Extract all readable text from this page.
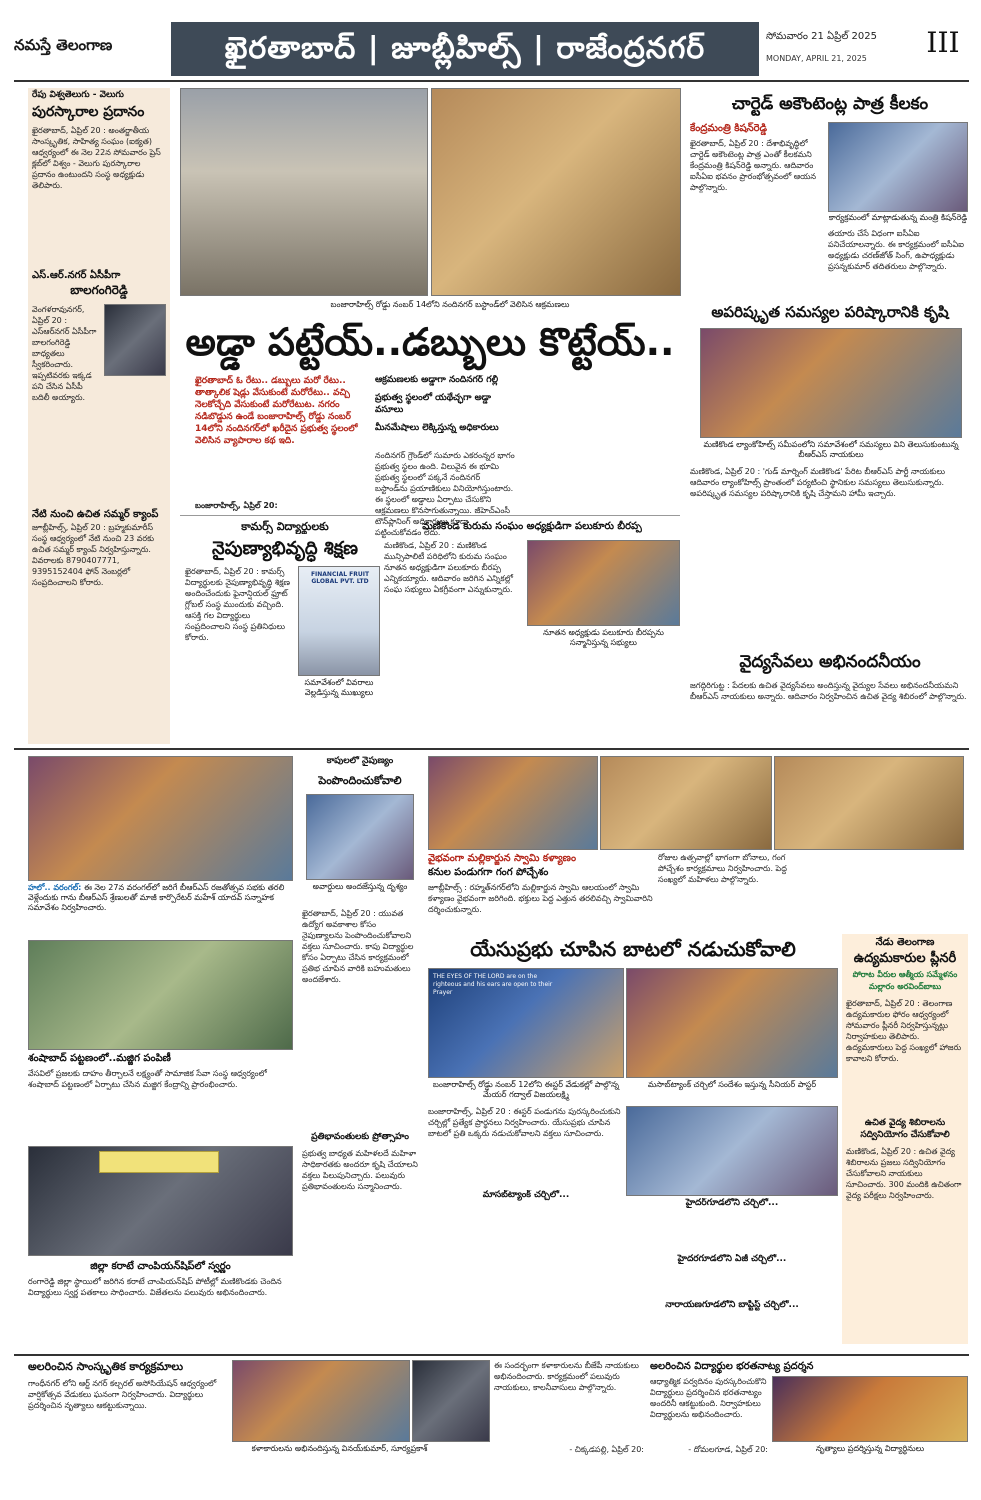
నమస్తే తెలంగాణ	ఖైరతాబాద్ | జూబ్లీహిల్స్ | రాజేంద్రనగర్	సోమవారం 21 ఏప్రిల్ 2025
MONDAY, APRIL 21, 2025	III
రేపు విశ్వతెలుగు - వెలుగు
పురస్కారాల ప్రదానం
ఖైరతాబాద్, ఏప్రిల్ 20 : అంతర్జాతీయ సాంస్కృతిక, సాహిత్య సంఘం (ఐక్యత) ఆధ్వర్యంలో ఈ నెల 22న సోమవారం ప్రెస్ క్లబ్‌లో విశ్వం - వెలుగు పురస్కారాల ప్రదానం ఉంటుందని సంస్థ అధ్యక్షుడు తెలిపారు.
ఎస్.ఆర్.నగర్ ఏసీపీగా
బాలగంగిరెడ్డి
వెంగళరావునగర్, ఏప్రిల్ 20 : ఎస్ఆర్‌నగర్ ఏసీపీగా బాలగంగిరెడ్డి బాధ్యతలు స్వీకరించారు. ఇప్పటివరకు ఇక్కడ పని చేసిన ఏసీపీ బదిలీ అయ్యారు.
నేటి నుంచి ఉచిత సమ్మర్ క్యాంప్
జూబ్లీహిల్స్, ఏప్రిల్ 20 : బ్రహ్మకుమారీస్ సంస్థ ఆధ్వర్యంలో నేటి నుంచి 23 వరకు ఉచిత సమ్మర్ క్యాంప్ నిర్వహిస్తున్నారు. వివరాలకు 8790407771, 9395152404 ఫోన్ నెంబర్లలో సంప్రదించాలని కోరారు.
బంజారాహిల్స్ రోడ్డు నంబర్ 14లోని నందినగర్ బస్టాండ్‌లో వెలిసిన ఆక్రమణలు
అడ్డా పట్టేయ్..డబ్బులు కొట్టేయ్..
ఖైరతాబాద్ ఓ రేటు.. డబ్బులు మరో రేటు.. తాత్కాలిక షెడ్లు వేసుకుంటే మరోరేటు.. వచ్చి నెలకోచ్చేది వేసుకుంటే మరోరేటుట. నగరం నడిబొడ్డున ఉండే బంజారాహిల్స్ రోడ్డు నంబర్ 14లోని నందినగర్‌లో ఖరీదైన ప్రభుత్వ స్థలంలో వెలిసిన వ్యాపారాల కథ ఇది.
ఆక్రమణలకు అడ్డాగా నందినగర్ గల్లీ
ప్రభుత్వ స్థలంలో యథేచ్ఛగా అడ్డా వసూలు
మీనమేషాలు లెక్కిస్తున్న అధికారులు
నందినగర్ గ్రౌండ్‌లో సుమారు ఎకరంన్నర భాగం ప్రభుత్వ స్థలం ఉంది. విలువైన ఈ భూమి ప్రభుత్వ స్థలంలో పక్కనే నందినగర్ బస్టాండ్‌ను ప్రయాణికులు వినియోగిస్తుంటారు. ఈ స్థలంలో అడ్డాలు ఏర్పాటు చేసుకొని ఆక్రమణలు కొనసాగుతున్నాయి. జీహెచ్ఎంసీ టౌన్‌ప్లానింగ్ అధికారులు కూడా పట్టించుకోవడం లేదు.
బంజారాహిల్స్, ఏప్రిల్ 20:
చార్టెడ్ అకౌంటెంట్ల పాత్ర కీలకం
కేంద్రమంత్రి కిషన్‌రెడ్డి
ఖైరతాబాద్, ఏప్రిల్ 20 : దేశాభివృద్ధిలో చార్టెడ్ అకౌంటెంట్ల పాత్ర ఎంతో కీలకమని కేంద్రమంత్రి కిషన్‌రెడ్డి అన్నారు. ఆదివారం ఐసీఏఐ భవనం ప్రారంభోత్సవంలో ఆయన పాల్గొన్నారు.
కార్యక్రమంలో మాట్లాడుతున్న మంత్రి కిషన్‌రెడ్డి
తయారు చేసే విధంగా ఐసీఏఐ పనిచేయాలన్నారు. ఈ కార్యక్రమంలో ఐసీఏఐ అధ్యక్షుడు చరణ్‌జోత్ సింగ్, ఉపాధ్యక్షుడు ప్రసన్నకుమార్ తదితరులు పాల్గొన్నారు.
అపరిష్కృత సమస్యల పరిష్కారానికి కృషి
మణికొండ ల్యాంకోహిల్స్ సమీపంలోని సమావేశంలో సమస్యలు విని తెలుసుకుంటున్న బీఆర్ఎస్ నాయకులు
మణికొండ, ఏప్రిల్ 20 : 'గుడ్ మార్నింగ్ మణికొండ' పేరిట బీఆర్ఎస్ పార్టీ నాయకులు ఆదివారం ల్యాంకోహిల్స్ ప్రాంతంలో పర్యటించి స్థానికుల సమస్యలు తెలుసుకున్నారు. అపరిష్కృత సమస్యల పరిష్కారానికి కృషి చేస్తామని హామీ ఇచ్చారు.
వైద్యసేవలు అభినందనీయం
జగద్గిరిగుట్ట : పేదలకు ఉచిత వైద్యసేవలు అందిస్తున్న వైద్యుల సేవలు అభినందనీయమని బీఆర్ఎస్ నాయకులు అన్నారు. ఆదివారం నిర్వహించిన ఉచిత వైద్య శిబిరంలో పాల్గొన్నారు.
కామర్స్ విద్యార్థులకు
నైపుణ్యాభివృద్ధి శిక్షణ
ఖైరతాబాద్, ఏప్రిల్ 20 : కామర్స్ విద్యార్థులకు నైపుణ్యాభివృద్ధి శిక్షణ అందించేందుకు ఫైనాన్షియల్ ఫ్రూట్ గ్లోబల్ సంస్థ ముందుకు వచ్చింది. ఆసక్తి గల విద్యార్థులు సంప్రదించాలని సంస్థ ప్రతినిధులు కోరారు.
FINANCIAL FRUIT GLOBAL PVT. LTD
సమావేశంలో వివరాలు వెల్లడిస్తున్న ముఖ్యులు
మణికొండ కురుమ సంఘం అధ్యక్షుడిగా పలుకూరు బీరప్ప
మణికొండ, ఏప్రిల్ 20 : మణికొండ మున్సిపాలిటీ పరిధిలోని కురుమ సంఘం నూతన అధ్యక్షుడిగా పలుకూరు బీరప్ప ఎన్నికయ్యారు. ఆదివారం జరిగిన ఎన్నికల్లో సంఘ సభ్యులు ఏకగ్రీవంగా ఎన్నుకున్నారు.
నూతన అధ్యక్షుడు పలుకూరు బీరప్పను సన్మానిస్తున్న సభ్యులు
హలో.. వరంగల్: ఈ నెల 27న వరంగల్‌లో జరిగే బీఆర్ఎస్ రజతోత్సవ సభకు తరలి వెళ్లేందుకు గాను బీఆర్ఎస్ శ్రేణులతో మాజీ కార్పొరేటర్ మహేశ్ యాదవ్ సన్నాహక సమావేశం నిర్వహించారు.
శంషాబాద్ పట్టణంలో..మజ్జిగ పంపిణీ
వేసవిలో ప్రజలకు దాహం తీర్చాలనే లక్ష్యంతో సామాజిక సేవా సంస్థ ఆధ్వర్యంలో శంషాబాద్ పట్టణంలో ఏర్పాటు చేసిన మజ్జిగ కేంద్రాన్ని ప్రారంభించారు.
జిల్లా కరాటే చాంపియన్‌షిప్‌లో స్వర్ణం
రంగారెడ్డి జిల్లా స్థాయిలో జరిగిన కరాటే చాంపియన్‌షిప్ పోటీల్లో మణికొండకు చెందిన విద్యార్థులు స్వర్ణ పతకాలు సాధించారు. విజేతలను పలువురు అభినందించారు.
కాపులలో నైపుణ్యం
పెంపొందించుకోవాలి
అవార్డులు అందజేస్తున్న దృశ్యం
ఖైరతాబాద్, ఏప్రిల్ 20 : యువత ఉద్యోగ అవకాశాల కోసం నైపుణ్యాలను పెంపొందించుకోవాలని వక్తలు సూచించారు. కాపు విద్యార్థుల కోసం ఏర్పాటు చేసిన కార్యక్రమంలో ప్రతిభ చూపిన వారికి బహుమతులు అందజేశారు.
ప్రతిభావంతులకు ప్రోత్సాహం
ప్రభుత్వ బాధ్యత మహిళలదే మహిళా సాధికారతకు అందరూ కృషి చేయాలని వక్తలు పిలుపునిచ్చారు. పలువురు ప్రతిభావంతులను సన్మానించారు.
వైభవంగా మల్లికార్జున స్వామి కళ్యాణం
కనుల పండుగగా గంగ పోచ్చేశం
జూబ్లీహిల్స్ : రహ్మత్‌నగర్‌లోని మల్లికార్జున స్వామి ఆలయంలో స్వామి కళ్యాణం వైభవంగా జరిగింది. భక్తులు పెద్ద ఎత్తున తరలివచ్చి స్వామివారిని దర్శించుకున్నారు.
రోజుల ఉత్సవాల్లో భాగంగా బోనాలు, గంగ పోచ్చేశం కార్యక్రమాలు నిర్వహించారు. పెద్ద సంఖ్యలో మహిళలు పాల్గొన్నారు.
యేసుప్రభు చూపిన బాటలో నడుచుకోవాలి
THE EYES OF THE LORD are on the righteous and his ears are open to their Prayer
బంజారాహిల్స్ రోడ్డు నంబర్ 12లోని ఈస్టర్ వేడుకల్లో పాల్గొన్న మేయర్ గద్వాల్ విజయలక్ష్మి
మసాబ్‌ట్యాంక్ చర్చిలో సందేశం ఇస్తున్న సీనియర్ పాస్టర్
బంజారాహిల్స్, ఏప్రిల్ 20 : ఈస్టర్ పండుగను పురస్కరించుకుని చర్చిల్లో ప్రత్యేక ప్రార్థనలు నిర్వహించారు. యేసుప్రభు చూపిన బాటలో ప్రతి ఒక్కరు నడుచుకోవాలని వక్తలు సూచించారు.
మాసబ్‌ట్యాంక్ చర్చిలో...
హైదర్‌గూడలోని చర్చిలో...
హైదరగూడలోని ఏజీ చర్చిలో...
నారాయణగూడలోని బాప్టిస్ట్ చర్చిలో...
నేడు తెలంగాణ
ఉద్యమకారుల ప్లీనరీ
పోరాట వీరుల ఆత్మీయ సమ్మేళనం
మల్లారం అరవింద్‌బాబు
ఖైరతాబాద్, ఏప్రిల్ 20 : తెలంగాణ ఉద్యమకారుల ఫోరం ఆధ్వర్యంలో సోమవారం ప్లీనరీ నిర్వహిస్తున్నట్లు నిర్వాహకులు తెలిపారు. ఉద్యమకారులు పెద్ద సంఖ్యలో హాజరు కావాలని కోరారు.
ఉచిత వైద్య శిబిరాలను సద్వినియోగం చేసుకోవాలి
మణికొండ, ఏప్రిల్ 20 : ఉచిత వైద్య శిబిరాలను ప్రజలు సద్వినియోగం చేసుకోవాలని నాయకులు సూచించారు. 300 మందికి ఉచితంగా వైద్య పరీక్షలు నిర్వహించారు.
అలరించిన సాంస్కృతిక కార్యక్రమాలు
గాంధీనగర్ లోని ఆర్ట్ నగర్ కల్చరల్ అసోసియేషన్ ఆధ్వర్యంలో వార్షికోత్సవ వేడుకలు ఘనంగా నిర్వహించారు. విద్యార్థులు ప్రదర్శించిన నృత్యాలు ఆకట్టుకున్నాయి.
కళాకారులను అభినందిస్తున్న వినయ్‌కుమార్, సూర్యప్రకాశ్
ఈ సందర్భంగా కళాకారులను బీజేపీ నాయకులు అభినందించారు. కార్యక్రమంలో పలువురు నాయకులు, కాలనీవాసులు పాల్గొన్నారు.
- చిక్కడపల్లి, ఏప్రిల్ 20:
అలరించిన విద్యార్థుల భరతనాట్య ప్రదర్శన
ఆధ్యాత్మిక పర్వదినం పురస్కరించుకొని విద్యార్థులు ప్రదర్శించిన భరతనాట్యం అందరినీ ఆకట్టుకుంది. నిర్వాహకులు విద్యార్థులను అభినందించారు.
- దోమలగూడ, ఏప్రిల్ 20:	నృత్యాలు ప్రదర్శిస్తున్న విద్యార్థినులు
